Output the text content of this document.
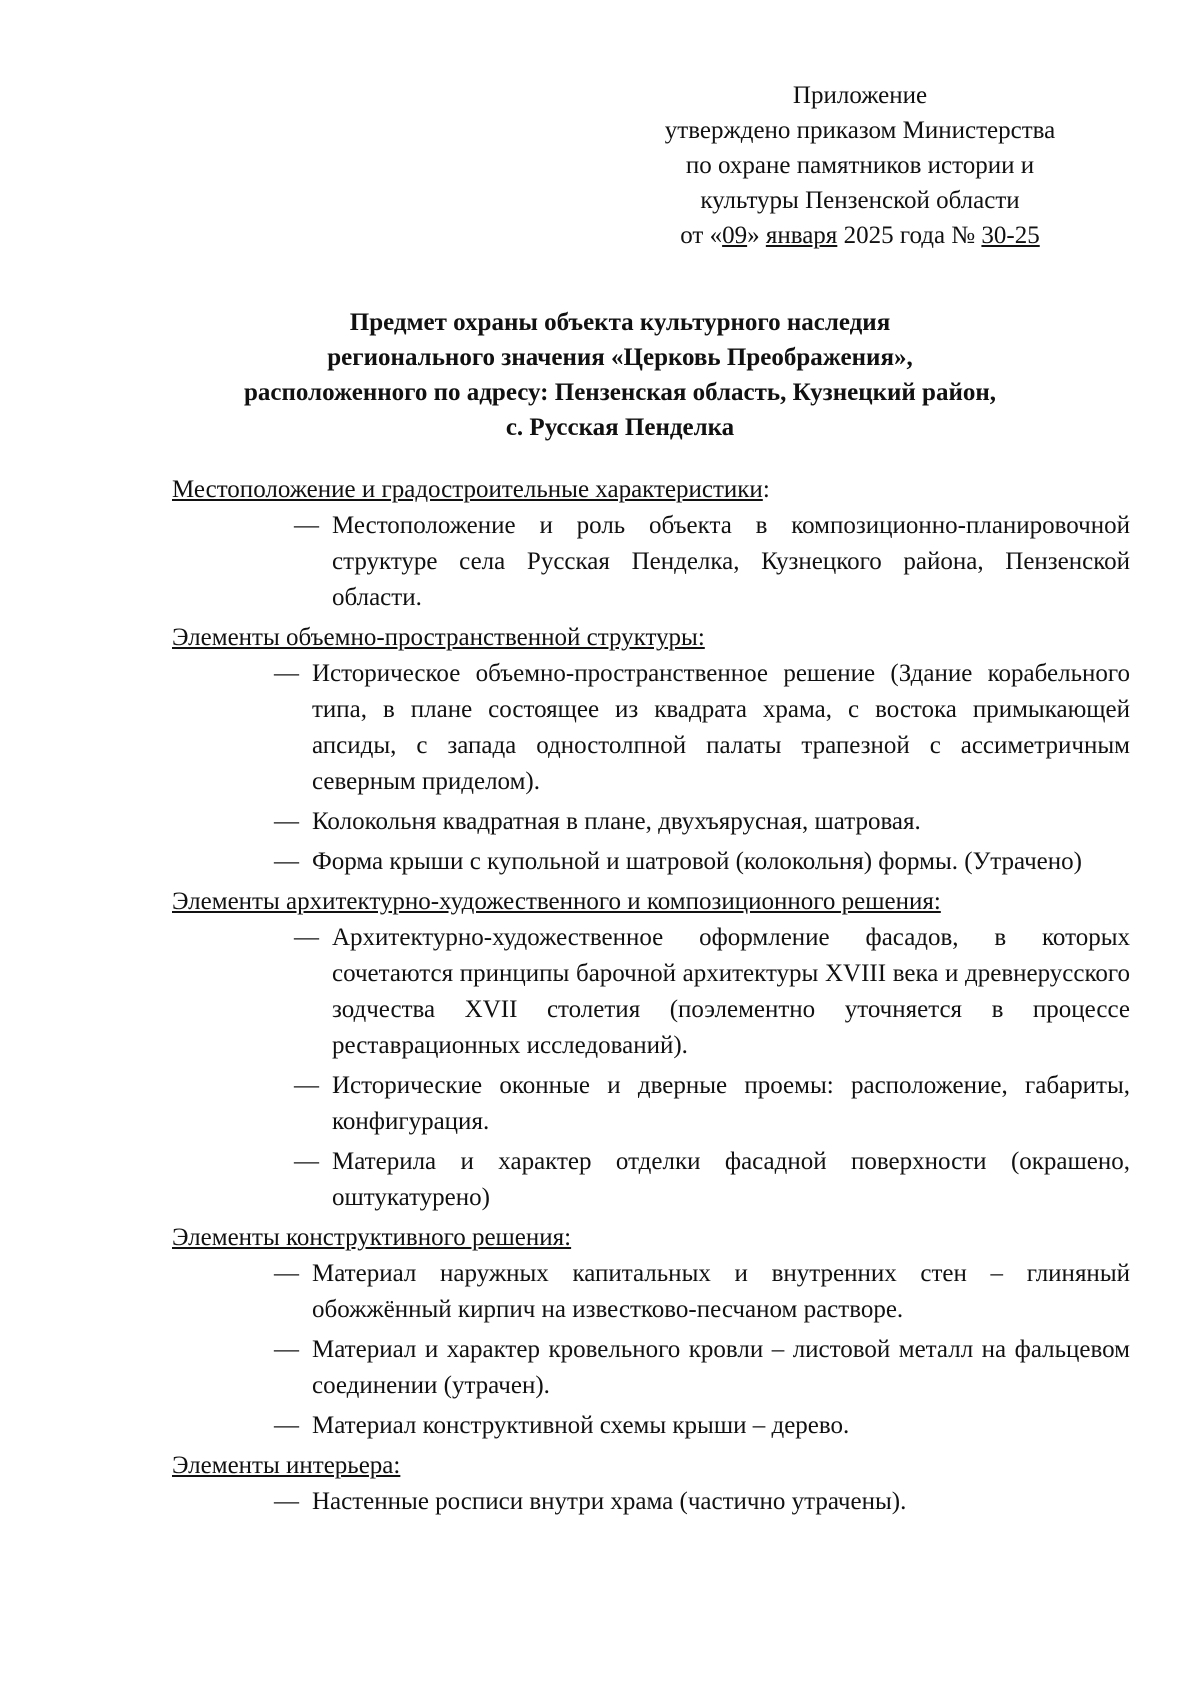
Приложение
утверждено приказом Министерства
по охране памятников истории и
культуры Пензенской области
от «09» января 2025 года № 30-25
Предмет охраны объекта культурного наследия
регионального значения «Церковь Преображения»,
расположенного по адресу: Пензенская область, Кузнецкий район,
с. Русская Пенделка

Местоположение и градостроительные характеристики:

— Местоположение и роль объекта в композиционно-планировочной структуре села Русская Пенделка, Кузнецкого района, Пензенской области.

Элементы объемно-пространственной структуры:

— Историческое объемно-пространственное решение (Здание корабельного типа, в плане состоящее из квадрата храма, с востока примыкающей апсиды, с запада одностолпной палаты трапезной с ассиметричным северным приделом).
— Колокольня квадратная в плане, двухъярусная, шатровая.
— Форма крыши с купольной и шатровой (колокольня) формы. (Утрачено)

Элементы архитектурно-художественного и композиционного решения:

— Архитектурно-художественное оформление фасадов, в которых сочетаются принципы барочной архитектуры XVIII века и древнерусского зодчества XVII столетия (поэлементно уточняется в процессе реставрационных исследований).
— Исторические оконные и дверные проемы: расположение, габариты, конфигурация.
— Материла и характер отделки фасадной поверхности (окрашено, оштукатурено)

Элементы конструктивного решения:

— Материал наружных капитальных и внутренних стен – глиняный обожжённый кирпич на известково-песчаном растворе.
— Материал и характер кровельного кровли – листовой металл на фальцевом соединении (утрачен).
— Материал конструктивной схемы крыши – дерево.

Элементы интерьера:

— Настенные росписи внутри храма (частично утрачены).
